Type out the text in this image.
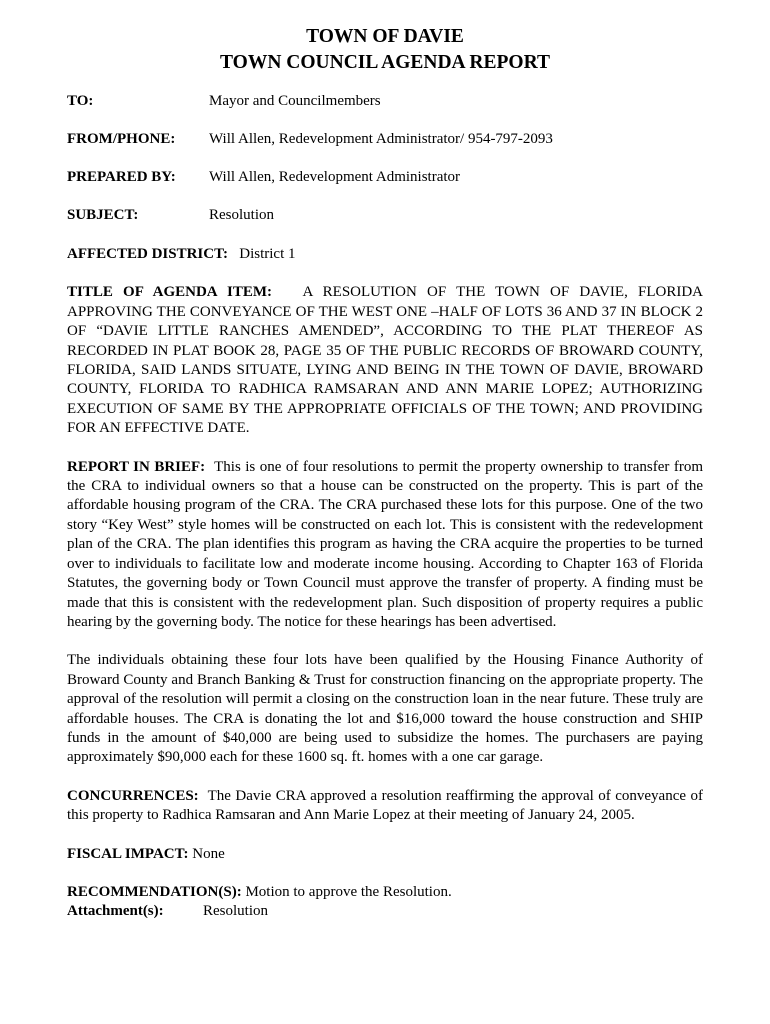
TOWN OF DAVIE
TOWN COUNCIL AGENDA REPORT
TO:	Mayor and Councilmembers
FROM/PHONE: Will Allen, Redevelopment Administrator/ 954-797-2093
PREPARED BY: Will Allen, Redevelopment Administrator
SUBJECT:	Resolution

AFFECTED DISTRICT: District 1

TITLE OF AGENDA ITEM: A RESOLUTION OF THE TOWN OF DAVIE, FLORIDA APPROVING THE CONVEYANCE OF THE WEST ONE –HALF OF LOTS 36 AND 37 IN BLOCK 2 OF “DAVIE LITTLE RANCHES AMENDED”, ACCORDING TO THE PLAT THEREOF AS RECORDED IN PLAT BOOK 28, PAGE 35 OF THE PUBLIC RECORDS OF BROWARD COUNTY, FLORIDA, SAID LANDS SITUATE, LYING AND BEING IN THE TOWN OF DAVIE, BROWARD COUNTY, FLORIDA TO RADHICA RAMSARAN AND ANN MARIE LOPEZ; AUTHORIZING EXECUTION OF SAME BY THE APPROPRIATE OFFICIALS OF THE TOWN; AND PROVIDING FOR AN EFFECTIVE DATE.

REPORT IN BRIEF: This is one of four resolutions to permit the property ownership to transfer from the CRA to individual owners so that a house can be constructed on the property. This is part of the affordable housing program of the CRA. The CRA purchased these lots for this purpose. One of the two story “Key West” style homes will be constructed on each lot. This is consistent with the redevelopment plan of the CRA. The plan identifies this program as having the CRA acquire the properties to be turned over to individuals to facilitate low and moderate income housing. According to Chapter 163 of Florida Statutes, the governing body or Town Council must approve the transfer of property. A finding must be made that this is consistent with the redevelopment plan. Such disposition of property requires a public hearing by the governing body. The notice for these hearings has been advertised.

The individuals obtaining these four lots have been qualified by the Housing Finance Authority of Broward County and Branch Banking & Trust for construction financing on the appropriate property. The approval of the resolution will permit a closing on the construction loan in the near future. These truly are affordable houses. The CRA is donating the lot and $16,000 toward the house construction and SHIP funds in the amount of $40,000 are being used to subsidize the homes. The purchasers are paying approximately $90,000 each for these 1600 sq. ft. homes with a one car garage.

CONCURRENCES: The Davie CRA approved a resolution reaffirming the approval of conveyance of this property to Radhica Ramsaran and Ann Marie Lopez at their meeting of January 24, 2005.

FISCAL IMPACT: None

RECOMMENDATION(S): Motion to approve the Resolution.

Attachment(s):	Resolution
